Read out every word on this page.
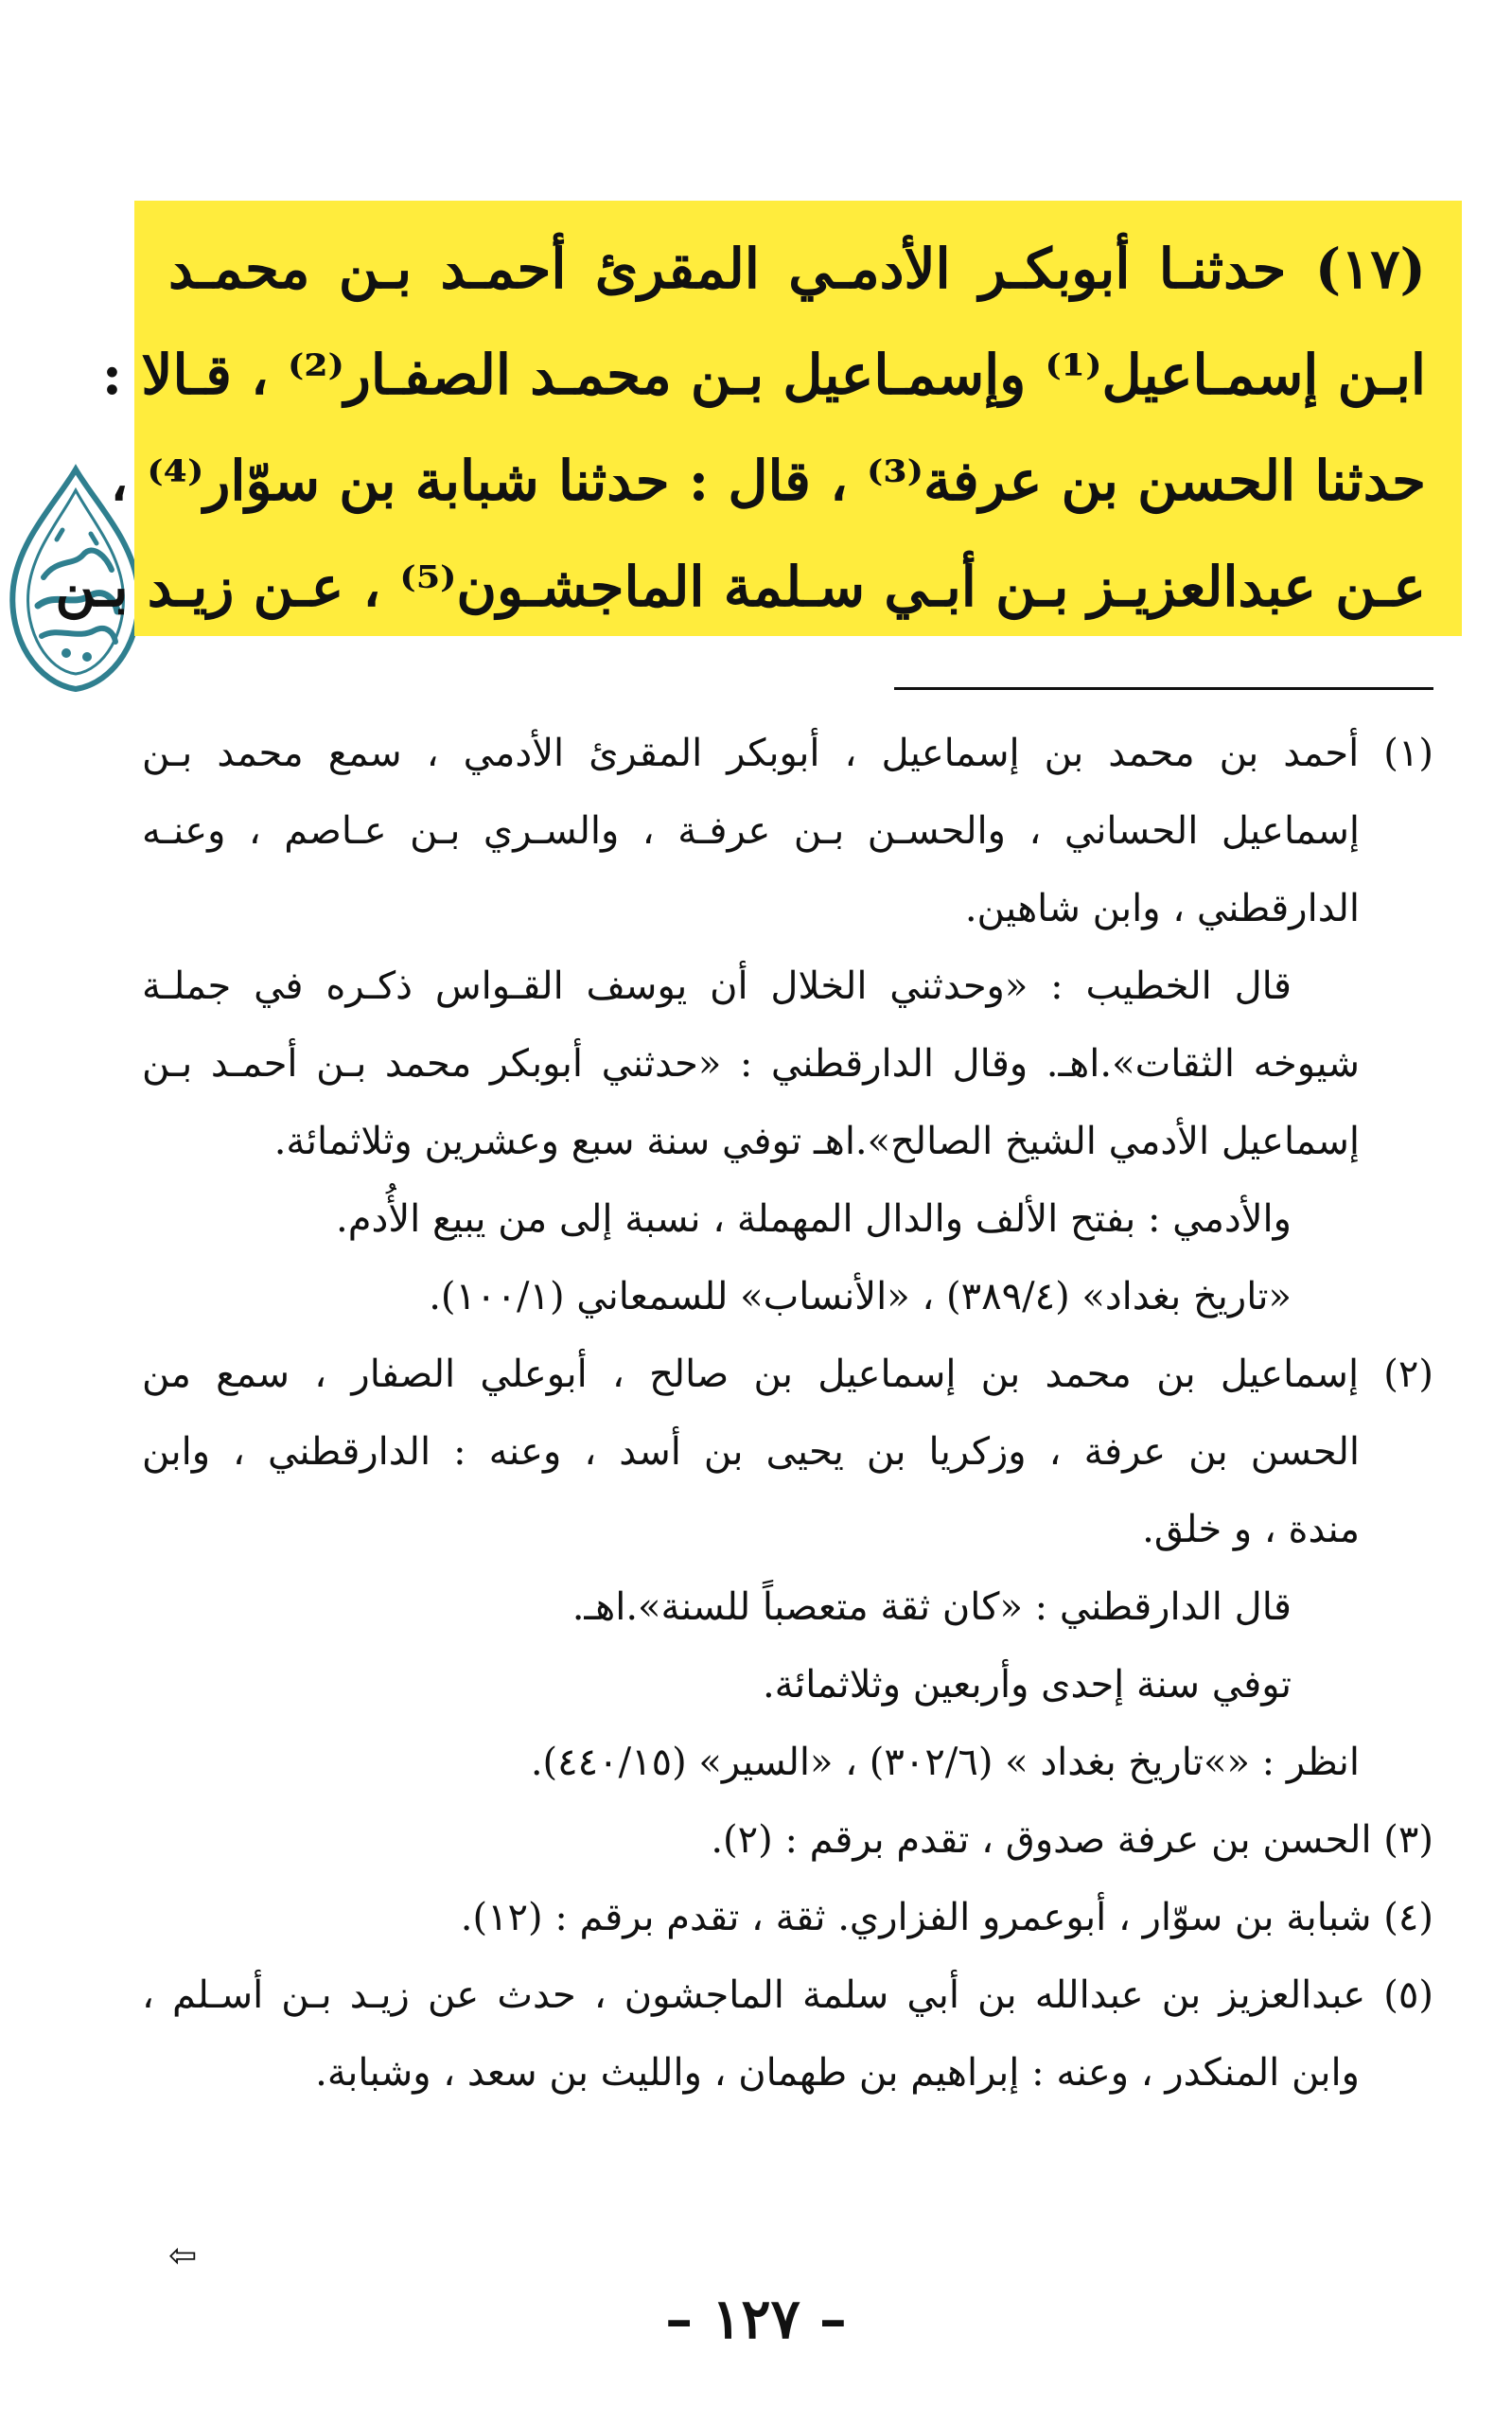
(١٧) حدثنـا أبوبكـر الأدمـي المقرئ أحمـد بـن محمـد
ابـن إسمـاعيل⁽¹⁾ وإسمـاعيل بـن محمـد الصفـار⁽²⁾ ، قـالا :
حدثنا الحسن بن عرفة⁽³⁾ ، قال : حدثنا شبابة بن سوّار⁽⁴⁾ ،
عـن عبدالعزيـز بـن أبـي سـلمة الماجشـون⁽⁵⁾ ، عـن زيـد بـن
(١) أحمد بن محمد بن إسماعيل ، أبوبكر المقرئ الأدمي ، سمع محمد بـن
إسماعيل الحساني ، والحسـن بـن عرفـة ، والسـري بـن عـاصم ، وعنـه
الدارقطني ، وابن شاهين.
قال الخطيب : «وحدثني الخلال أن يوسف القـواس ذكـره في جملـة
شيوخه الثقات».اهـ. وقال الدارقطني : «حدثني أبوبكر محمد بـن أحمـد بـن
إسماعيل الأدمي الشيخ الصالح».اهـ توفي سنة سبع وعشرين وثلاثمائة.
والأدمي : بفتح الألف والدال المهملة ، نسبة إلى من يبيع الأُدم.
«تاريخ بغداد» (٣٨٩/٤) ، «الأنساب» للسمعاني (١٠٠/١).
(٢) إسماعيل بن محمد بن إسماعيل بن صالح ، أبوعلي الصفار ، سمع من
الحسن بن عرفة ، وزكريا بن يحيى بن أسد ، وعنه : الدارقطني ، وابن
مندة ، و خلق.
قال الدارقطني : «كان ثقة متعصباً للسنة».اهـ.
توفي سنة إحدى وأربعين وثلاثمائة.
انظر : «»تاريخ بغداد » (٣٠٢/٦) ، «السير» (٤٤٠/١٥).
(٣) الحسن بن عرفة صدوق ، تقدم برقم : (٢).
(٤) شبابة بن سوّار ، أبوعمرو الفزاري. ثقة ، تقدم برقم : (١٢).
(٥) عبدالعزيز بن عبدالله بن أبي سلمة الماجشون ، حدث عن زيـد بـن أسـلم ،
وابن المنكدر ، وعنه : إبراهيم بن طهمان ، والليث بن سعد ، وشبابة.
⇦
– ١٢٧ –
